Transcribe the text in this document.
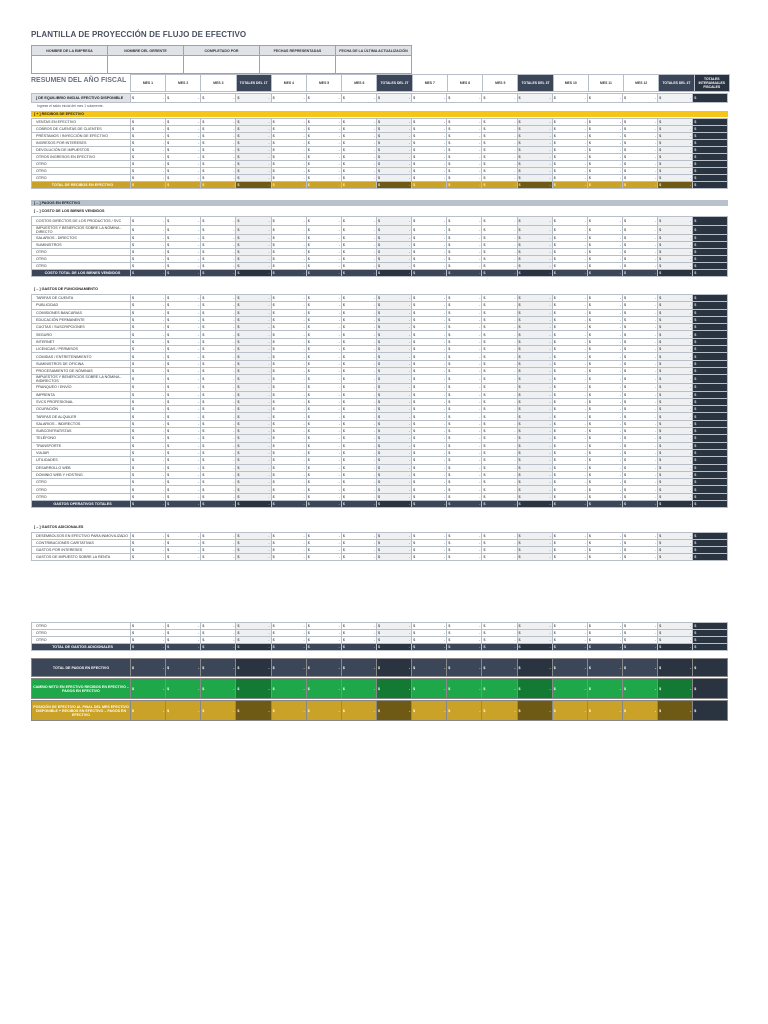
PLANTILLA DE PROYECCIÓN DE FLUJO DE EFECTIVO
NOMBRE DE LA EMPRESA	NOMBRE DEL GERENTE	COMPLETADO POR	FECHAS REPRESENTADAS	FECHA DE LA ÚLTIMA ACTUALIZACIÓN

	MES 1	MES 2	MES 3	TOTALES DEL 1T	MES 4	MES 5	MES 6	TOTALES DEL 2T	MES 7	MES 8	MES 9	TOTALES DEL 3T	MES 10	MES 11	MES 12	TOTALES DEL 4T	TOTALES INTERANUALES FISCALES
RESUMEN DEL AÑO FISCAL
[ DE EQUILIBRIO INICIAL EFECTIVO DISPONIBLE	$	-	$	-	$	-	$	-	$	-	$	-	$	-	$	-	$	-	$	-	$	-	$	-	$	-	$	-	$	-	$	-	$
Ingrese el saldo inicial del mes 1 solamente.
[ + ] RECIBOS DE EFECTIVO
VENTAS EN EFECTIVO	$ -	$ -	$ -	$ -	$ -	$ -	$ -	$ -	$ -	$ -	$ -	$ -	$ -	$ -	$ -	$ -	$

COBROS DE CUENTAS DE CLIENTES	$ -	$ -	$ -	$ -	$ -	$ -	$ -	$ -	$ -	$ -	$ -	$ -	$ -	$ -	$ -	$ -	$

PRÉSTAMOS / INYECCIÓN DE EFECTIVO	$ -	$ -	$ -	$ -	$ -	$ -	$ -	$ -	$ -	$ -	$ -	$ -	$ -	$ -	$ -	$ -	$

INGRESOS POR INTERESES	$ -	$ -	$ -	$ -	$ -	$ -	$ -	$ -	$ -	$ -	$ -	$ -	$ -	$ -	$ -	$ -	$

DEVOLUCIÓN DE IMPUESTOS	$ -	$ -	$ -	$ -	$ -	$ -	$ -	$ -	$ -	$ -	$ -	$ -	$ -	$ -	$ -	$ -	$

OTROS INGRESOS EN EFECTIVO	$ -	$ -	$ -	$ -	$ -	$ -	$ -	$ -	$ -	$ -	$ -	$ -	$ -	$ -	$ -	$ -	$

OTRO	$ -	$ -	$ -	$ -	$ -	$ -	$ -	$ -	$ -	$ -	$ -	$ -	$ -	$ -	$ -	$ -	$

OTRO	$ -	$ -	$ -	$ -	$ -	$ -	$ -	$ -	$ -	$ -	$ -	$ -	$ -	$ -	$ -	$ -	$

OTRO	$ -	$ -	$ -	$ -	$ -	$ -	$ -	$ -	$ -	$ -	$ -	$ -	$ -	$ -	$ -	$ -	$

TOTAL DE RECIBOS EN EFECTIVO	$ -	$ -	$ -	$ -	$ -	$ -	$ -	$ -	$ -	$ -	$ -	$ -	$ -	$ -	$ -	$ -	$
[ – ] PAGOS EN EFECTIVO
[ – ] COSTO DE LOS BIENES VENDIDOS
COSTOS DIRECTOS DE LOS PRODUCTOS / SVC	$ -	$ -	$ -	$ -	$ -	$ -	$ -	$ -	$ -	$ -	$ -	$ -	$ -	$ -	$ -	$ -	$

IMPUESTOS Y BENEFICIOS SOBRE LA NÓMINA - DIRECTO	$ -	$ -	$ -	$ -	$ -	$ -	$ -	$ -	$ -	$ -	$ -	$ -	$ -	$ -	$ -	$ -	$

SALARIOS - DIRECTOS	$ -	$ -	$ -	$ -	$ -	$ -	$ -	$ -	$ -	$ -	$ -	$ -	$ -	$ -	$ -	$ -	$

SUMINISTROS	$ -	$ -	$ -	$ -	$ -	$ -	$ -	$ -	$ -	$ -	$ -	$ -	$ -	$ -	$ -	$ -	$

OTRO	$ -	$ -	$ -	$ -	$ -	$ -	$ -	$ -	$ -	$ -	$ -	$ -	$ -	$ -	$ -	$ -	$

OTRO	$ -	$ -	$ -	$ -	$ -	$ -	$ -	$ -	$ -	$ -	$ -	$ -	$ -	$ -	$ -	$ -	$

OTRO	$ -	$ -	$ -	$ -	$ -	$ -	$ -	$ -	$ -	$ -	$ -	$ -	$ -	$ -	$ -	$ -	$

COSTO TOTAL DE LOS BIENES VENDIDOS	$ -	$ -	$ -	$ -	$ -	$ -	$ -	$ -	$ -	$ -	$ -	$ -	$ -	$ -	$ -	$ -	$
[ – ] GASTOS DE FUNCIONAMIENTO
TARIFAS DE CUENTA	$ -	$ -	$ -	$ -	$ -	$ -	$ -	$ -	$ -	$ -	$ -	$ -	$ -	$ -	$ -	$ -	$

PUBLICIDAD	$ -	$ -	$ -	$ -	$ -	$ -	$ -	$ -	$ -	$ -	$ -	$ -	$ -	$ -	$ -	$ -	$

COMISIONES BANCARIAS	$ -	$ -	$ -	$ -	$ -	$ -	$ -	$ -	$ -	$ -	$ -	$ -	$ -	$ -	$ -	$ -	$

EDUCACIÓN PERMANENTE	$ -	$ -	$ -	$ -	$ -	$ -	$ -	$ -	$ -	$ -	$ -	$ -	$ -	$ -	$ -	$ -	$

CUOTAS / SUSCRIPCIONES	$ -	$ -	$ -	$ -	$ -	$ -	$ -	$ -	$ -	$ -	$ -	$ -	$ -	$ -	$ -	$ -	$

SEGURO	$ -	$ -	$ -	$ -	$ -	$ -	$ -	$ -	$ -	$ -	$ -	$ -	$ -	$ -	$ -	$ -	$

INTERNET	$ -	$ -	$ -	$ -	$ -	$ -	$ -	$ -	$ -	$ -	$ -	$ -	$ -	$ -	$ -	$ -	$

LICENCIAS / PERMISOS	$ -	$ -	$ -	$ -	$ -	$ -	$ -	$ -	$ -	$ -	$ -	$ -	$ -	$ -	$ -	$ -	$

COMIDAS / ENTRETENIMIENTO	$ -	$ -	$ -	$ -	$ -	$ -	$ -	$ -	$ -	$ -	$ -	$ -	$ -	$ -	$ -	$ -	$

SUMINISTROS DE OFICINA	$ -	$ -	$ -	$ -	$ -	$ -	$ -	$ -	$ -	$ -	$ -	$ -	$ -	$ -	$ -	$ -	$

PROCESAMIENTO DE NÓMINAS	$ -	$ -	$ -	$ -	$ -	$ -	$ -	$ -	$ -	$ -	$ -	$ -	$ -	$ -	$ -	$ -	$

IMPUESTOS Y BENEFICIOS SOBRE LA NÓMINA - INDIRECTOS	$ -	$ -	$ -	$ -	$ -	$ -	$ -	$ -	$ -	$ -	$ -	$ -	$ -	$ -	$ -	$ -	$

FRANQUEO / ENVÍO	$ -	$ -	$ -	$ -	$ -	$ -	$ -	$ -	$ -	$ -	$ -	$ -	$ -	$ -	$ -	$ -	$

IMPRENTA	$ -	$ -	$ -	$ -	$ -	$ -	$ -	$ -	$ -	$ -	$ -	$ -	$ -	$ -	$ -	$ -	$

SVCS PROFESIONAL	$ -	$ -	$ -	$ -	$ -	$ -	$ -	$ -	$ -	$ -	$ -	$ -	$ -	$ -	$ -	$ -	$

OCUPACIÓN	$ -	$ -	$ -	$ -	$ -	$ -	$ -	$ -	$ -	$ -	$ -	$ -	$ -	$ -	$ -	$ -	$

TARIFAS DE ALQUILER	$ -	$ -	$ -	$ -	$ -	$ -	$ -	$ -	$ -	$ -	$ -	$ -	$ -	$ -	$ -	$ -	$

SALARIOS - INDIRECTOS	$ -	$ -	$ -	$ -	$ -	$ -	$ -	$ -	$ -	$ -	$ -	$ -	$ -	$ -	$ -	$ -	$

SUBCONTRATISTAS	$ -	$ -	$ -	$ -	$ -	$ -	$ -	$ -	$ -	$ -	$ -	$ -	$ -	$ -	$ -	$ -	$

TELÉFONO	$ -	$ -	$ -	$ -	$ -	$ -	$ -	$ -	$ -	$ -	$ -	$ -	$ -	$ -	$ -	$ -	$

TRANSPORTE	$ -	$ -	$ -	$ -	$ -	$ -	$ -	$ -	$ -	$ -	$ -	$ -	$ -	$ -	$ -	$ -	$

VIAJAR	$ -	$ -	$ -	$ -	$ -	$ -	$ -	$ -	$ -	$ -	$ -	$ -	$ -	$ -	$ -	$ -	$

UTILIDADES	$ -	$ -	$ -	$ -	$ -	$ -	$ -	$ -	$ -	$ -	$ -	$ -	$ -	$ -	$ -	$ -	$

DESARROLLO WEB	$ -	$ -	$ -	$ -	$ -	$ -	$ -	$ -	$ -	$ -	$ -	$ -	$ -	$ -	$ -	$ -	$

DOMINIO WEB Y HOSTING	$ -	$ -	$ -	$ -	$ -	$ -	$ -	$ -	$ -	$ -	$ -	$ -	$ -	$ -	$ -	$ -	$

OTRO	$ -	$ -	$ -	$ -	$ -	$ -	$ -	$ -	$ -	$ -	$ -	$ -	$ -	$ -	$ -	$ -	$

OTRO	$ -	$ -	$ -	$ -	$ -	$ -	$ -	$ -	$ -	$ -	$ -	$ -	$ -	$ -	$ -	$ -	$

OTRO	$ -	$ -	$ -	$ -	$ -	$ -	$ -	$ -	$ -	$ -	$ -	$ -	$ -	$ -	$ -	$ -	$

GASTOS OPERATIVOS TOTALES	$ -	$ -	$ -	$ -	$ -	$ -	$ -	$ -	$ -	$ -	$ -	$ -	$ -	$ -	$ -	$ -	$
[ – ] GASTOS ADICIONALES
DESEMBOLSOS EN EFECTIVO PARA INMOVILIZADO	$ -	$ -	$ -	$ -	$ -	$ -	$ -	$ -	$ -	$ -	$ -	$ -	$ -	$ -	$ -	$ -	$

CONTRIBUCIONES CARITATIVAS	$ -	$ -	$ -	$ -	$ -	$ -	$ -	$ -	$ -	$ -	$ -	$ -	$ -	$ -	$ -	$ -	$

GASTOS POR INTERESES	$ -	$ -	$ -	$ -	$ -	$ -	$ -	$ -	$ -	$ -	$ -	$ -	$ -	$ -	$ -	$ -	$

GASTOS DE IMPUESTO SOBRE LA RENTA	$ -	$ -	$ -	$ -	$ -	$ -	$ -	$ -	$ -	$ -	$ -	$ -	$ -	$ -	$ -	$ -	$
OTRO	$ -	$ -	$ -	$ -	$ -	$ -	$ -	$ -	$ -	$ -	$ -	$ -	$ -	$ -	$ -	$ -	$

OTRO	$ -	$ -	$ -	$ -	$ -	$ -	$ -	$ -	$ -	$ -	$ -	$ -	$ -	$ -	$ -	$ -	$

OTRO	$ -	$ -	$ -	$ -	$ -	$ -	$ -	$ -	$ -	$ -	$ -	$ -	$ -	$ -	$ -	$ -	$

TOTAL DE GASTOS ADICIONALES	$ -	$ -	$ -	$ -	$ -	$ -	$ -	$ -	$ -	$ -	$ -	$ -	$ -	$ -	$ -	$ -	$
TOTAL DE PAGOS EN EFECTIVO	$	-	$	-	$	-	$	-	$	-	$	-	$	-	$	-	$	-	$	-	$	-	$	-	$	-	$	-	$	-	$	-	$
CAMBIO NETO EN EFECTIVO RECIBOS EN EFECTIVO – PAGOS EN EFECTIVO	$	-	$	-	$	-	$	-	$	-	$	-	$	-	$	-	$	-	$	-	$	-	$	-	$	-	$	-	$	-	$	-	$
POSICIÓN DE EFECTIVO AL FINAL DEL MES EFECTIVO DISPONIBLE + RECIBOS EN EFECTIVO – PAGOS EN EFECTIVO	
$	-	$	-	$	-	$	-	$	-	$	-	$	-	$	-	$	-	$	-	$	-	$	-	$	-	$	-	$	-	$	-	$
